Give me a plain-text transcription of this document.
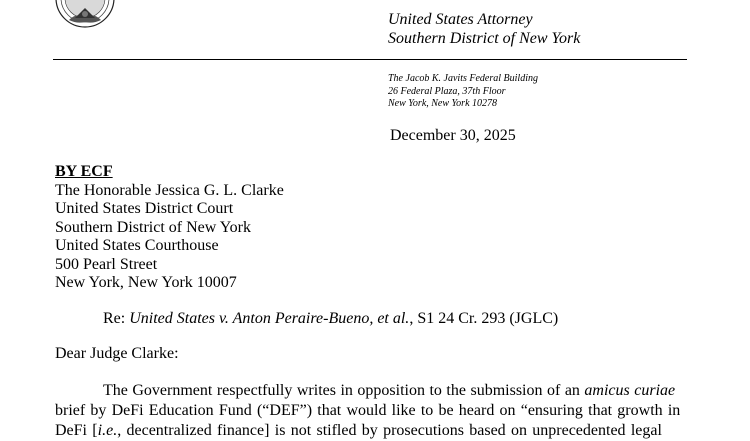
United States Attorney
Southern District of New York
The Jacob K. Javits Federal Building
26 Federal Plaza, 37th Floor
New York, New York 10278
December 30, 2025
BY ECF
The Honorable Jessica G. L. Clarke
United States District Court
Southern District of New York
United States Courthouse
500 Pearl Street
New York, New York 10007
Re: United States v. Anton Peraire-Bueno, et al., S1 24 Cr. 293 (JGLC)
Dear Judge Clarke:
The Government respectfully writes in opposition to the submission of an amicus curiae
brief by DeFi Education Fund (“DEF”) that would like to be heard on “ensuring that growth in
DeFi [i.e., decentralized finance] is not stifled by prosecutions based on unprecedented legal
